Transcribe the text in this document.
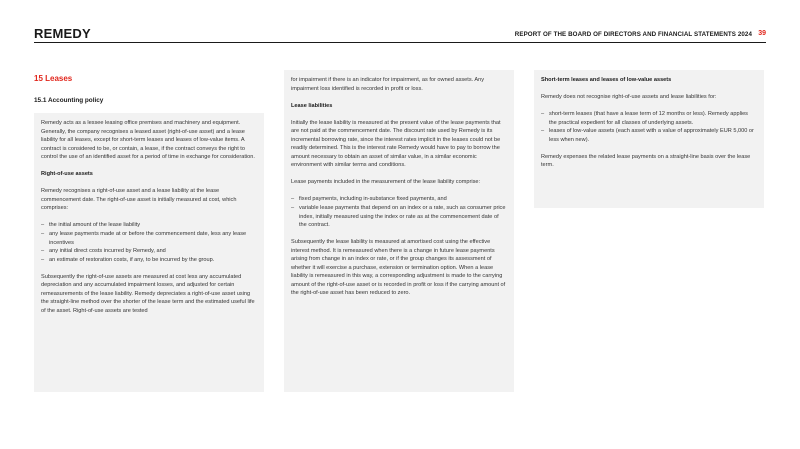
REMEDY	REPORT OF THE BOARD OF DIRECTORS AND FINANCIAL STATEMENTS 2024 39
15 Leases
15.1 Accounting policy

Remedy acts as a lessee leasing office premises and machinery and equipment. Generally, the company recognises a leased asset (right-of-use asset) and a lease liability for all leases, except for short-term leases and leases of low-value items. A contract is considered to be, or contain, a lease, if the contract conveys the right to control the use of an identified asset for a period of time in exchange for consideration.

Right-of-use assets

Remedy recognises a right-of-use asset and a lease liability at the lease commencement date. The right-of-use asset is initially measured at cost, which comprises:

– the initial amount of the lease liability
– any lease payments made at or before the commencement date, less any lease incentives
– any initial direct costs incurred by Remedy, and
– an estimate of restoration costs, if any, to be incurred by the group.

Subsequently the right-of-use assets are measured at cost less any accumulated depreciation and any accumulated impairment losses, and adjusted for certain remeasurements of the lease liability. Remedy depreciates a right-of-use asset using the straight-line method over the shorter of the lease term and the estimated useful life of the asset. Right-of-use assets are tested

for impairment if there is an indicator for impairment, as for owned assets. Any impairment loss identified is recorded in profit or loss.

Lease liabilities

Initially the lease liability is measured at the present value of the lease payments that are not paid at the commencement date. The discount rate used by Remedy is its incremental borrowing rate, since the interest rates implicit in the leases could not be readily determined. This is the interest rate Remedy would have to pay to borrow the amount necessary to obtain an asset of similar value, in a similar economic environment with similar terms and conditions.

Lease payments included in the measurement of the lease liability comprise:

– fixed payments, including in-substance fixed payments, and
– variable lease payments that depend on an index or a rate, such as consumer price index, initially measured using the index or rate as at the commencement date of the contract.

Subsequently the lease liability is measured at amortised cost using the effective interest method. It is remeasured when there is a change in future lease payments arising from change in an index or rate, or if the group changes its assessment of whether it will exercise a purchase, extension or termination option. When a lease liability is remeasured in this way, a corresponding adjustment is made to the carrying amount of the right-of-use asset or is recorded in profit or loss if the carrying amount of the right-of-use asset has been reduced to zero.

Short-term leases and leases of low-value assets

Remedy does not recognise right-of-use assets and lease liabilities for:

– short-term leases (that have a lease term of 12 months or less). Remedy applies the practical expedient for all classes of underlying assets.
– leases of low-value assets (each asset with a value of approximately EUR 5,000 or less when new).

Remedy expenses the related lease payments on a straight-line basis over the lease term.
